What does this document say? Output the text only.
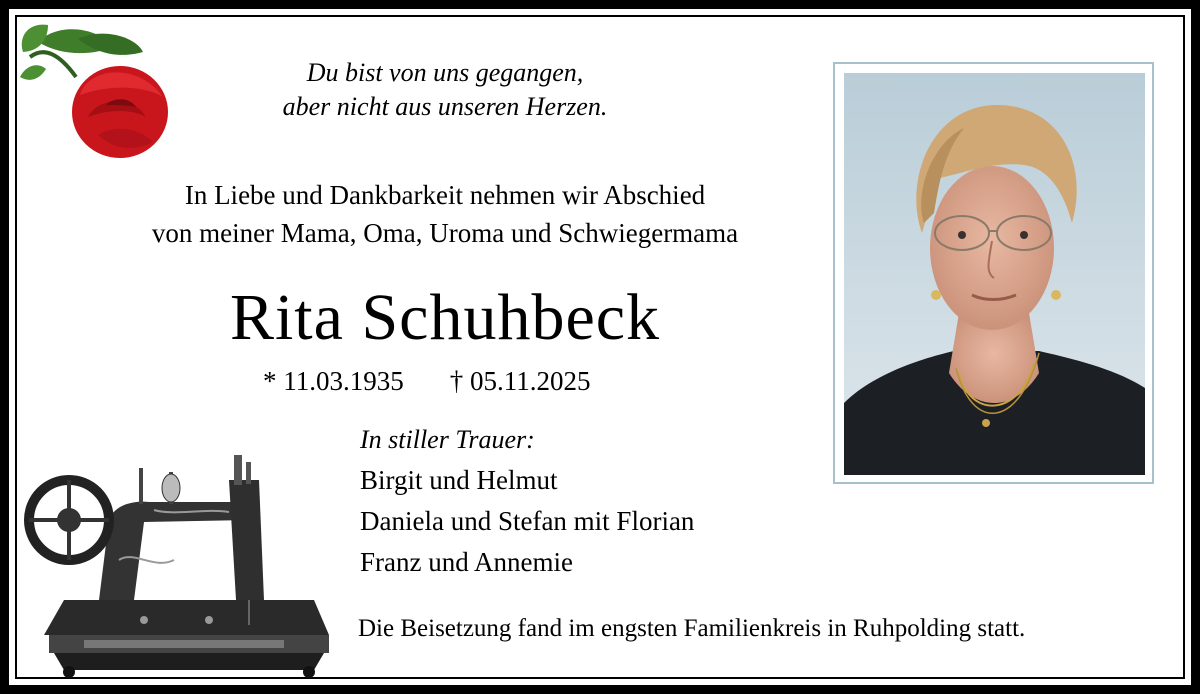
Du bist von uns gegangen,
aber nicht aus unseren Herzen.
In Liebe und Dankbarkeit nehmen wir Abschied
von meiner Mama, Oma, Uroma und Schwiegermama
Rita Schuhbeck
* 11.03.1935 † 05.11.2025
In stiller Trauer:
Birgit und Helmut
Daniela und Stefan mit Florian
Franz und Annemie
Die Beisetzung fand im engsten Familienkreis in Ruhpolding statt.
